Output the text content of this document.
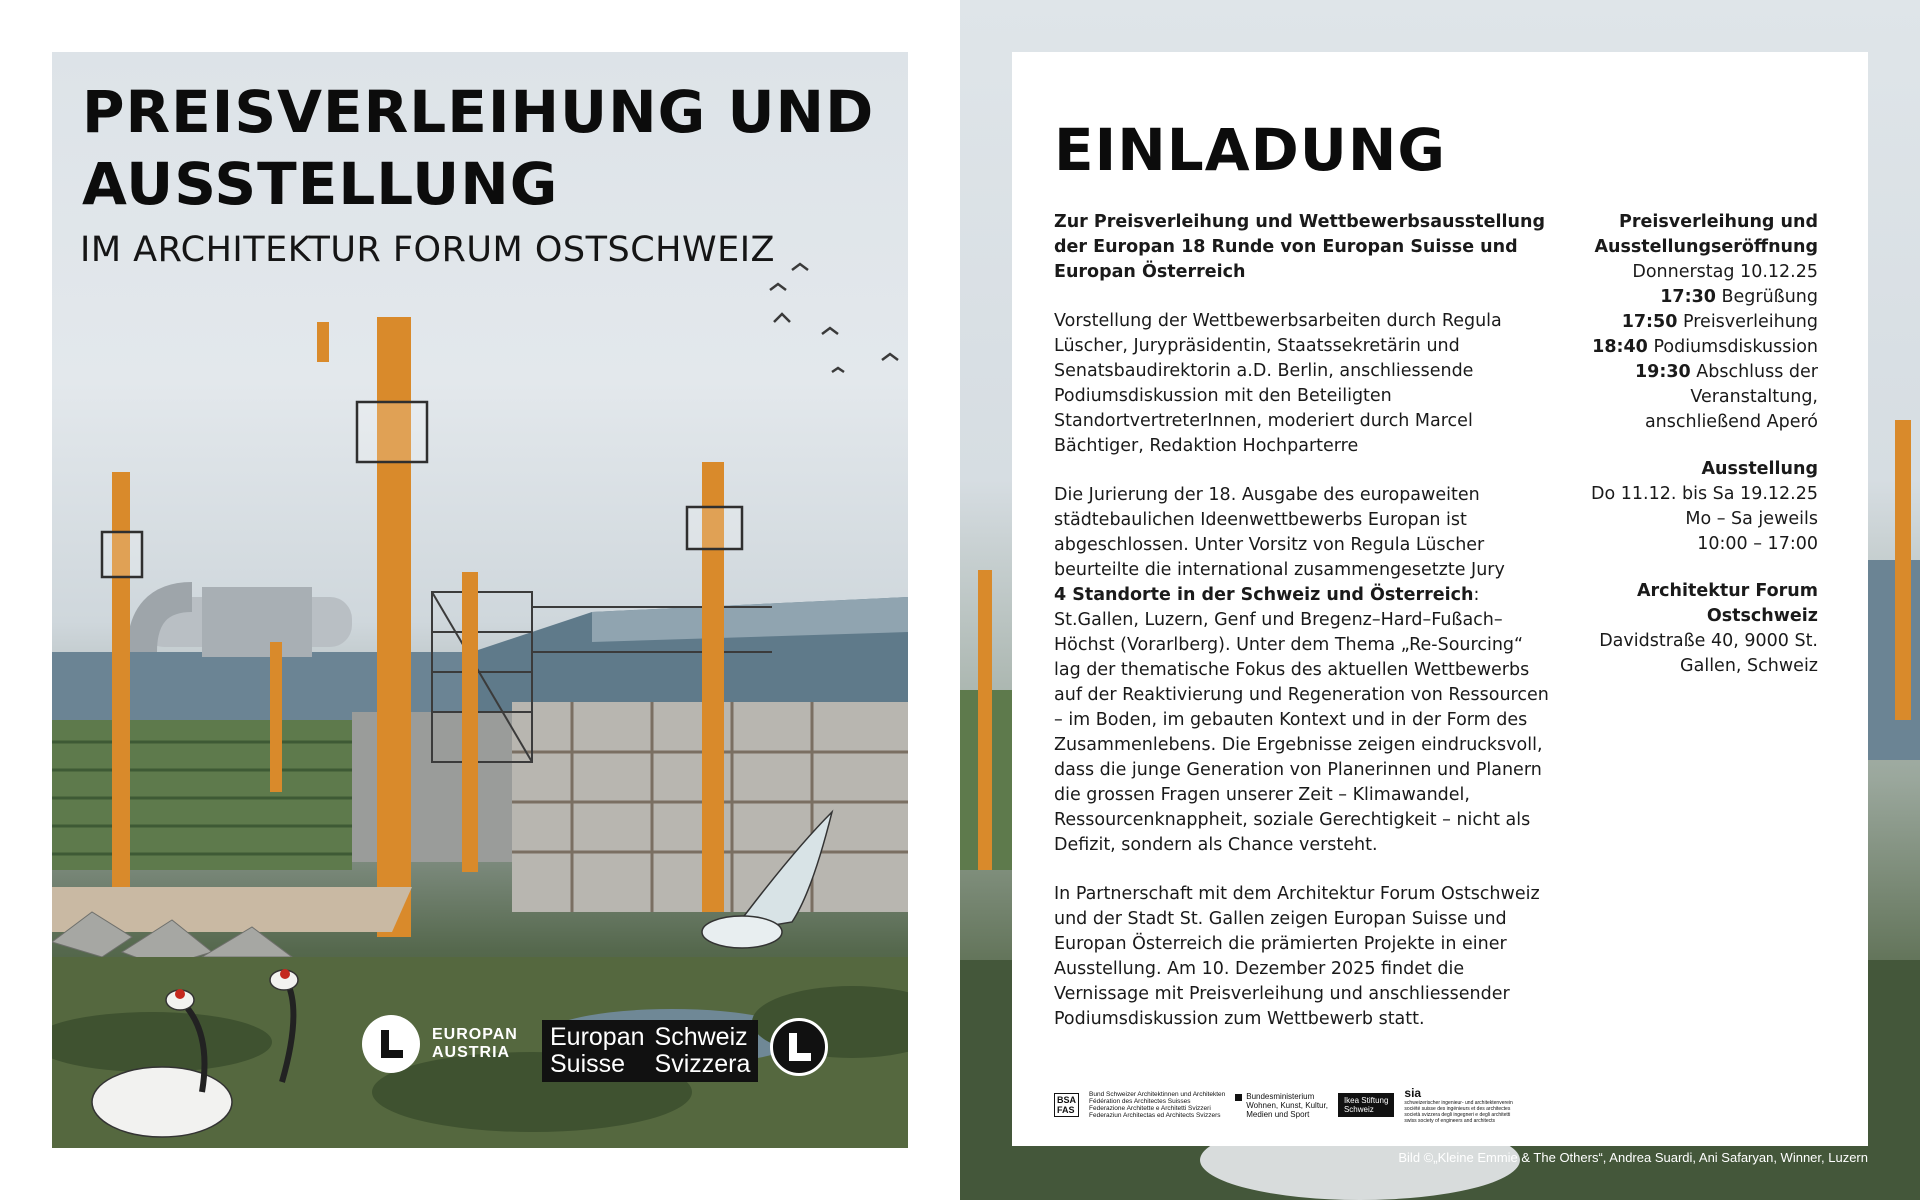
PREISVERLEIHUNG UND
AUSSTELLUNG
IM ARCHITEKTUR FORUM OSTSCHWEIZ
EUROPAN
AUSTRIA
Europan Schweiz
Suisse	Svizzera
EINLADUNG

Zur Preisverleihung und Wettbewerbsausstellung der Europan 18 Runde von Europan Suisse und Europan Österreich

Vorstellung der Wettbewerbsarbeiten durch Regula Lüscher, Jurypräsidentin, Staatssekretärin und Senatsbaudirektorin a.D. Berlin, anschliessende Podiumsdiskussion mit den Beteiligten StandortvertreterInnen, moderiert durch Marcel Bächtiger, Redaktion Hochparterre

Die Jurierung der 18. Ausgabe des europaweiten städtebaulichen Ideenwettbewerbs Europan ist abgeschlossen. Unter Vorsitz von Regula Lüscher beurteilte die international zusammengesetzte Jury
4 Standorte in der Schweiz und Österreich: St.Gallen, Luzern, Genf und Bregenz–Hard–Fußach–Höchst (Vorarlberg). Unter dem Thema „Re-Sourcing“ lag der thematische Fokus des aktuellen Wettbewerbs auf der Reaktivierung und Regeneration von Ressourcen – im Boden, im gebauten Kontext und in der Form des Zusammenlebens. Die Ergebnisse zeigen eindrucksvoll, dass die junge Generation von Planerinnen und Planern die grossen Fragen unserer Zeit – Klimawandel, Ressourcenknappheit, soziale Gerechtigkeit – nicht als Defizit, sondern als Chance versteht.

In Partnerschaft mit dem Architektur Forum Ostschweiz und der Stadt St. Gallen zeigen Europan Suisse und Europan Österreich die prämierten Projekte in einer Ausstellung. Am 10. Dezember 2025 findet die Vernissage mit Preisverleihung und anschliessender Podiumsdiskussion zum Wettbewerb statt.

Preisverleihung und
Ausstellungseröffnung
Donnerstag 10.12.25
17:30 Begrüßung
17:50 Preisverleihung
18:40 Podiumsdiskussion
19:30 Abschluss der
Veranstaltung,
anschließend Aperó
Ausstellung
Do 11.12. bis Sa 19.12.25
Mo – Sa jeweils
10:00 – 17:00
Architektur Forum
Ostschweiz
Davidstraße 40, 9000 St.
Gallen, Schweiz
BSA
FAS
Bund Schweizer Architektinnen und Architekten
Fédération des Architectes Suisses
Federazione Architette e Architetti Svizzeri
Federaziun Architectas ed Architects Svizzers
Bundesministerium
Wohnen, Kunst, Kultur,
Medien und Sport
Ikea Stiftung
Schweiz
sia
schweizerischer ingenieur- und architektenverein
société suisse des ingénieurs et des architectes
società svizzera degli ingegneri e degli architetti
swiss society of engineers and architects
Bild ©„Kleine Emmie & The Others“, Andrea Suardi, Ani Safaryan, Winner, Luzern
